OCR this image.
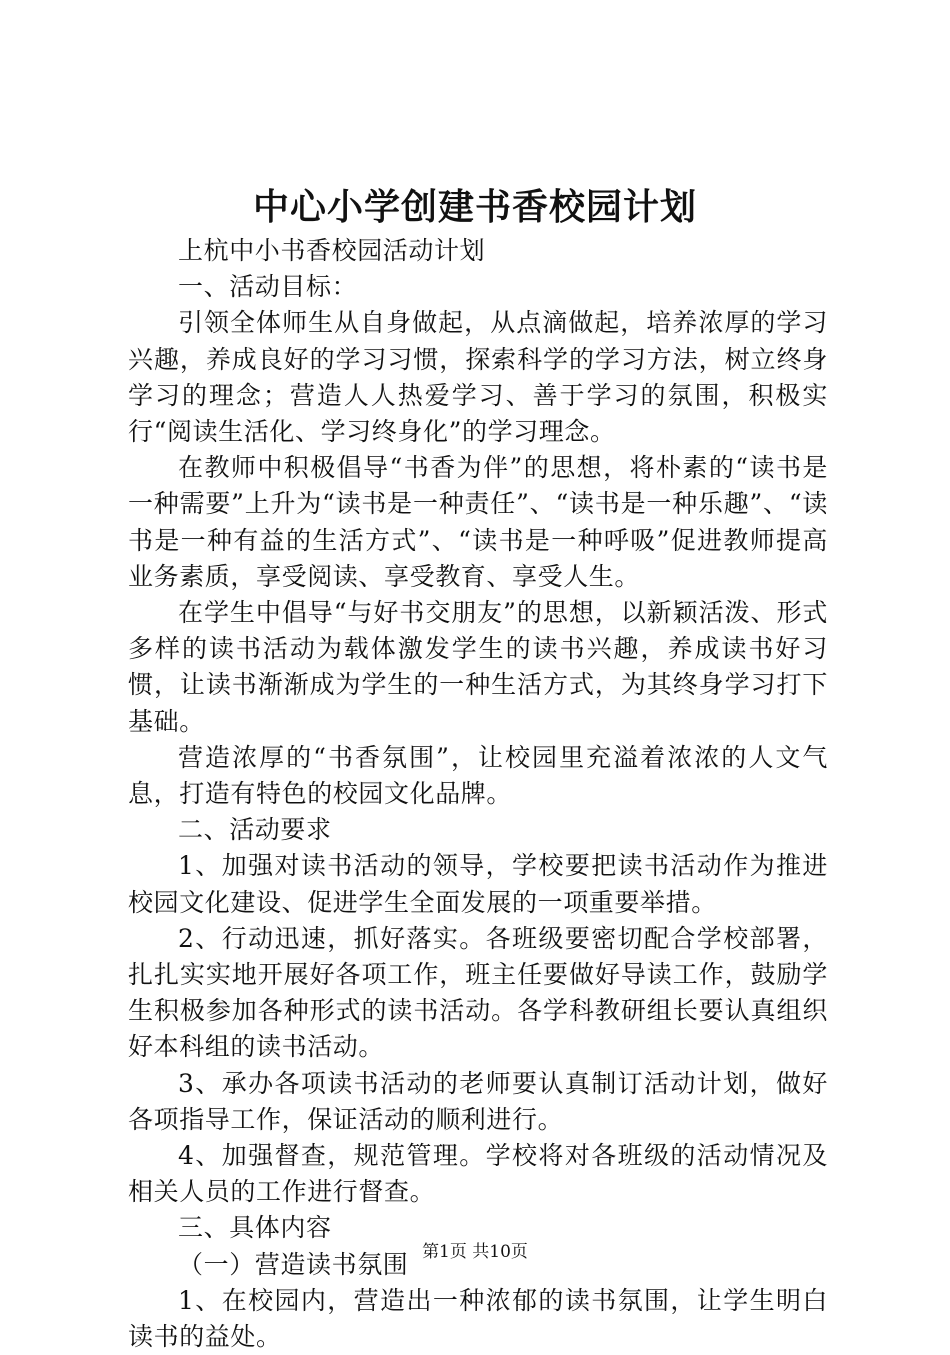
中心小学创建书香校园计划

上杭中小书香校园活动计划

一、活动目标：

引领全体师生从自身做起，从点滴做起，培养浓厚的学习兴趣，养成良好的学习习惯，探索科学的学习方法，树立终身学习的理念；营造人人热爱学习、善于学习的氛围，积极实行“阅读生活化、学习终身化”的学习理念。

在教师中积极倡导“书香为伴”的思想，将朴素的“读书是一种需要”上升为“读书是一种责任”、“读书是一种乐趣”、“读书是一种有益的生活方式”、“读书是一种呼吸”促进教师提高业务素质，享受阅读、享受教育、享受人生。

在学生中倡导“与好书交朋友”的思想，以新颖活泼、形式多样的读书活动为载体激发学生的读书兴趣，养成读书好习惯，让读书渐渐成为学生的一种生活方式，为其终身学习打下基础。

营造浓厚的“书香氛围”，让校园里充溢着浓浓的人文气息，打造有特色的校园文化品牌。

二、活动要求

1、加强对读书活动的领导，学校要把读书活动作为推进校园文化建设、促进学生全面发展的一项重要举措。

2、行动迅速，抓好落实。各班级要密切配合学校部署，扎扎实实地开展好各项工作，班主任要做好导读工作，鼓励学生积极参加各种形式的读书活动。各学科教研组长要认真组织好本科组的读书活动。

3、承办各项读书活动的老师要认真制订活动计划，做好各项指导工作，保证活动的顺利进行。

4、加强督查，规范管理。学校将对各班级的活动情况及相关人员的工作进行督查。

三、具体内容

（一）营造读书氛围

1、在校园内，营造出一种浓郁的读书氛围，让学生明白读书的益处。

第1页 共10页
